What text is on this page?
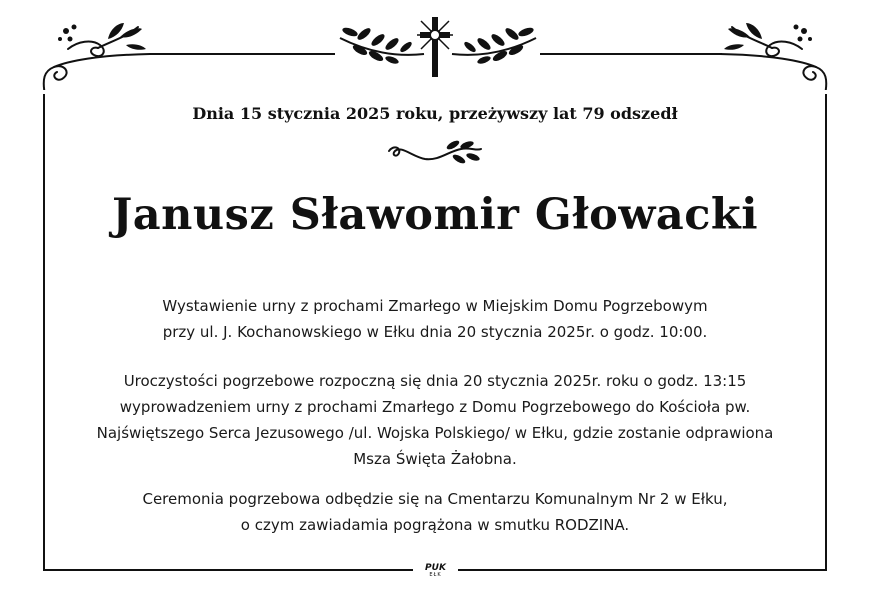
Dnia 15 stycznia 2025 roku, przeżywszy lat 79 odszedł
Janusz Sławomir Głowacki
Wystawienie urny z prochami Zmarłego w Miejskim Domu Pogrzebowym
przy ul. J. Kochanowskiego w Ełku dnia 20 stycznia 2025r. o godz. 10:00.
Uroczystości pogrzebowe rozpoczną się dnia 20 stycznia 2025r. roku o godz. 13:15
wyprowadzeniem urny z prochami Zmarłego z Domu Pogrzebowego do Kościoła pw.
Najświętszego Serca Jezusowego /ul. Wojska Polskiego/ w Ełku, gdzie zostanie odprawiona
Msza Święta Żałobna.
Ceremonia pogrzebowa odbędzie się na Cmentarzu Komunalnym Nr 2 w Ełku,
o czym zawiadamia pogrążona w smutku RODZINA.
PUK
EŁK
